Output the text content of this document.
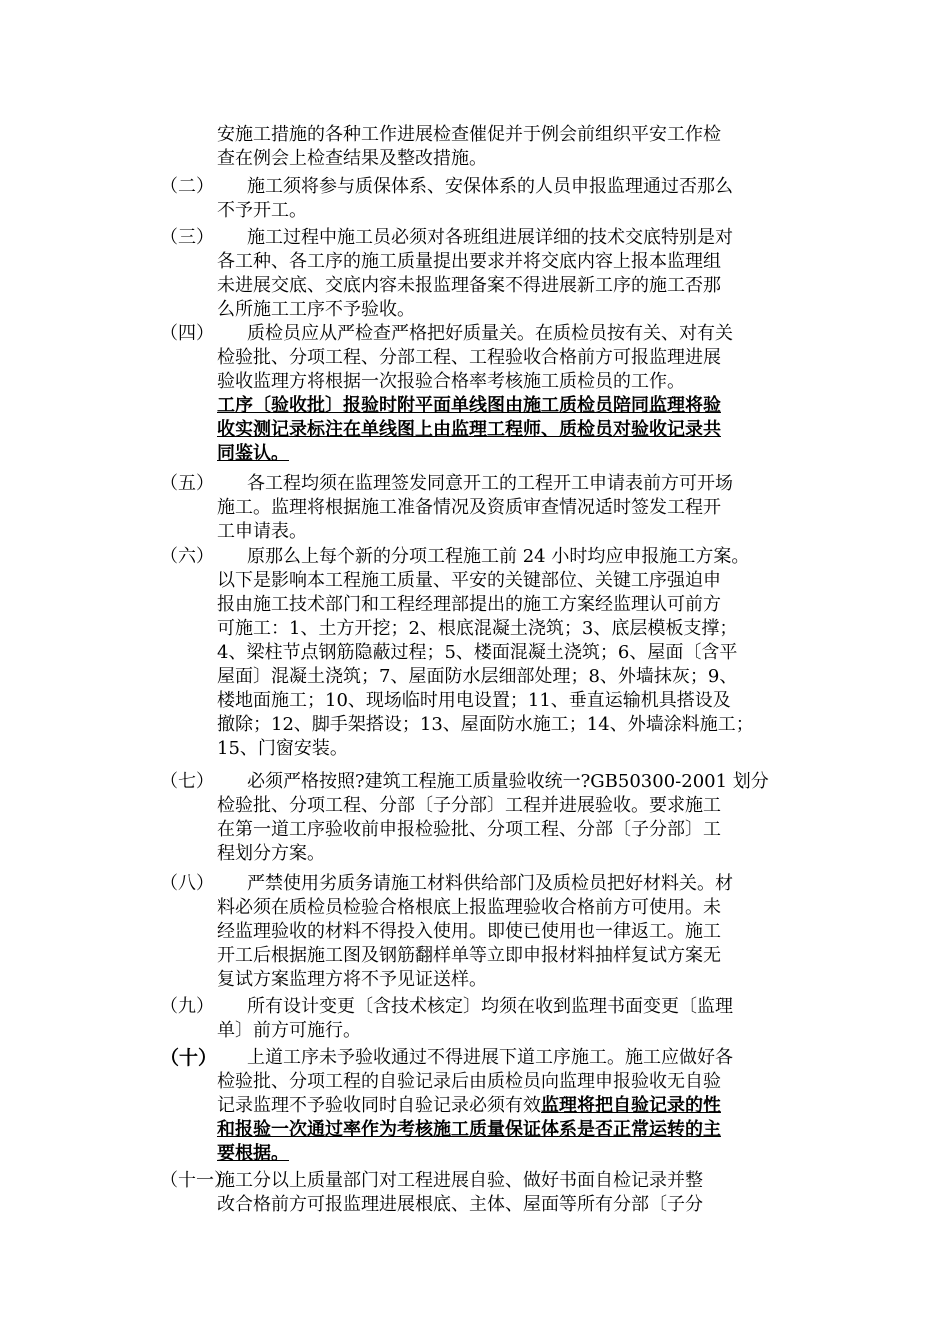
安施工措施的各种工作进展检查催促并于例会前组织平安工作检
查在例会上检查结果及整改措施。
（二）	施工须将参与质保体系、安保体系的人员申报监理通过否那么
不予开工。
（三）	施工过程中施工员必须对各班组进展详细的技术交底特别是对
各工种、各工序的施工质量提出要求并将交底内容上报本监理组
未进展交底、交底内容未报监理备案不得进展新工序的施工否那
么所施工工序不予验收。
（四）	质检员应从严检查严格把好质量关。在质检员按有关、对有关
检验批、分项工程、分部工程、工程验收合格前方可报监理进展
验收监理方将根据一次报验合格率考核施工质检员的工作。
工序〔验收批〕报验时附平面单线图由施工质检员陪同监理将验
收实测记录标注在单线图上由监理工程师、质检员对验收记录共
同鉴认。
（五）	各工程均须在监理签发同意开工的工程开工申请表前方可开场
施工。监理将根据施工准备情况及资质审查情况适时签发工程开
工申请表。
（六）	原那么上每个新的分项工程施工前 24 小时均应申报施工方案。
以下是影响本工程施工质量、平安的关键部位、关键工序强迫申
报由施工技术部门和工程经理部提出的施工方案经监理认可前方
可施工：1、土方开挖；2、根底混凝土浇筑；3、底层模板支撑；
4、梁柱节点钢筋隐蔽过程；5、楼面混凝土浇筑；6、屋面〔含平
屋面〕混凝土浇筑；7、屋面防水层细部处理；8、外墙抹灰；9、
楼地面施工；10、现场临时用电设置；11、垂直运输机具搭设及
撤除；12、脚手架搭设；13、屋面防水施工；14、外墙涂料施工；
15、门窗安装。
（七）	必须严格按照?建筑工程施工质量验收统一?GB50300-2001 划分
检验批、分项工程、分部〔子分部〕工程并进展验收。要求施工
在第一道工序验收前申报检验批、分项工程、分部〔子分部〕工
程划分方案。
（八）	严禁使用劣质务请施工材料供给部门及质检员把好材料关。材
料必须在质检员检验合格根底上报监理验收合格前方可使用。未
经监理验收的材料不得投入使用。即使已使用也一律返工。施工
开工后根据施工图及钢筋翻样单等立即申报材料抽样复试方案无
复试方案监理方将不予见证送样。
（九）	所有设计变更〔含技术核定〕均须在收到监理书面变更〔监理
单〕前方可施行。
（十）	上道工序未予验收通过不得进展下道工序施工。施工应做好各
检验批、分项工程的自验记录后由质检员向监理申报验收无自验
记录监理不予验收同时自验记录必须有效监理将把自验记录的性
和报验一次通过率作为考核施工质量保证体系是否正常运转的主
要根据。
（十一）
施工分以上质量部门对工程进展自验、做好书面自检记录并整
改合格前方可报监理进展根底、主体、屋面等所有分部〔子分
